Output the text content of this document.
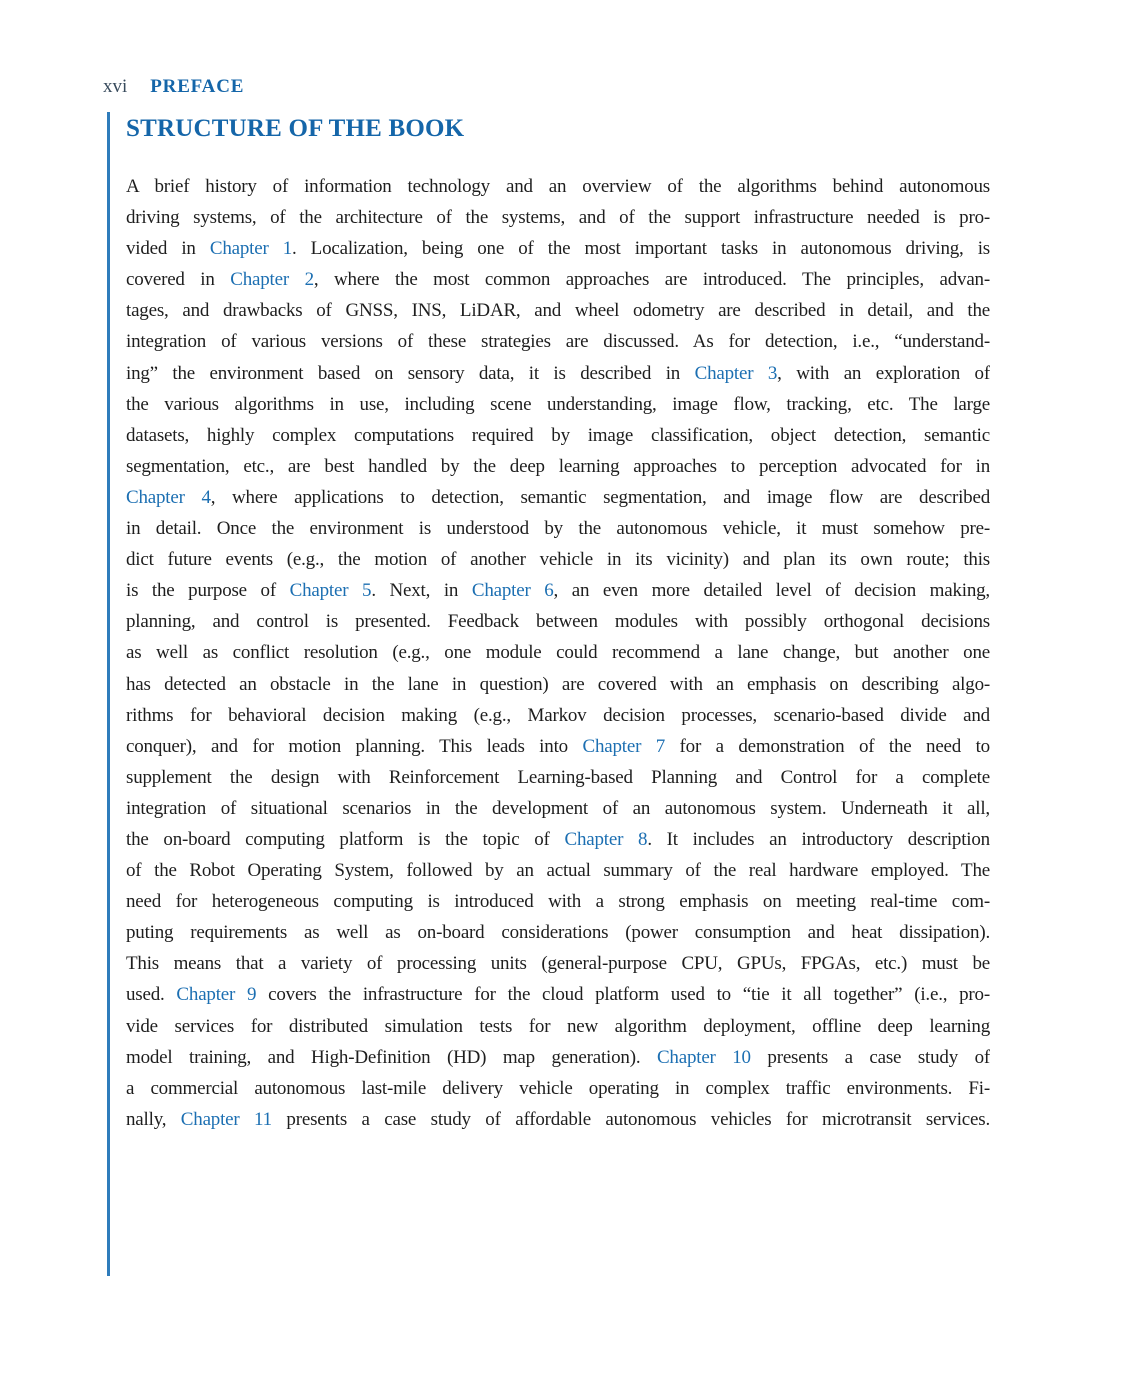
xvi PREFACE
STRUCTURE OF THE BOOK
A brief history of information technology and an overview of the algorithms behind autonomous
driving systems, of the architecture of the systems, and of the support infrastructure needed is pro-
vided in Chapter 1. Localization, being one of the most important tasks in autonomous driving, is
covered in Chapter 2, where the most common approaches are introduced. The principles, advan-
tages, and drawbacks of GNSS, INS, LiDAR, and wheel odometry are described in detail, and the
integration of various versions of these strategies are discussed. As for detection, i.e., “understand-
ing” the environment based on sensory data, it is described in Chapter 3, with an exploration of
the various algorithms in use, including scene understanding, image flow, tracking, etc. The large
datasets, highly complex computations required by image classification, object detection, semantic
segmentation, etc., are best handled by the deep learning approaches to perception advocated for in
Chapter 4, where applications to detection, semantic segmentation, and image flow are described
in detail. Once the environment is understood by the autonomous vehicle, it must somehow pre-
dict future events (e.g., the motion of another vehicle in its vicinity) and plan its own route; this
is the purpose of Chapter 5. Next, in Chapter 6, an even more detailed level of decision making,
planning, and control is presented. Feedback between modules with possibly orthogonal decisions
as well as conflict resolution (e.g., one module could recommend a lane change, but another one
has detected an obstacle in the lane in question) are covered with an emphasis on describing algo-
rithms for behavioral decision making (e.g., Markov decision processes, scenario-based divide and
conquer), and for motion planning. This leads into Chapter 7 for a demonstration of the need to
supplement the design with Reinforcement Learning-based Planning and Control for a complete
integration of situational scenarios in the development of an autonomous system. Underneath it all,
the on-board computing platform is the topic of Chapter 8. It includes an introductory description
of the Robot Operating System, followed by an actual summary of the real hardware employed. The
need for heterogeneous computing is introduced with a strong emphasis on meeting real-time com-
puting requirements as well as on-board considerations (power consumption and heat dissipation).
This means that a variety of processing units (general-purpose CPU, GPUs, FPGAs, etc.) must be
used. Chapter 9 covers the infrastructure for the cloud platform used to “tie it all together” (i.e., pro-
vide services for distributed simulation tests for new algorithm deployment, offline deep learning
model training, and High-Definition (HD) map generation). Chapter 10 presents a case study of
a commercial autonomous last-mile delivery vehicle operating in complex traffic environments. Fi-
nally, Chapter 11 presents a case study of affordable autonomous vehicles for microtransit services.
